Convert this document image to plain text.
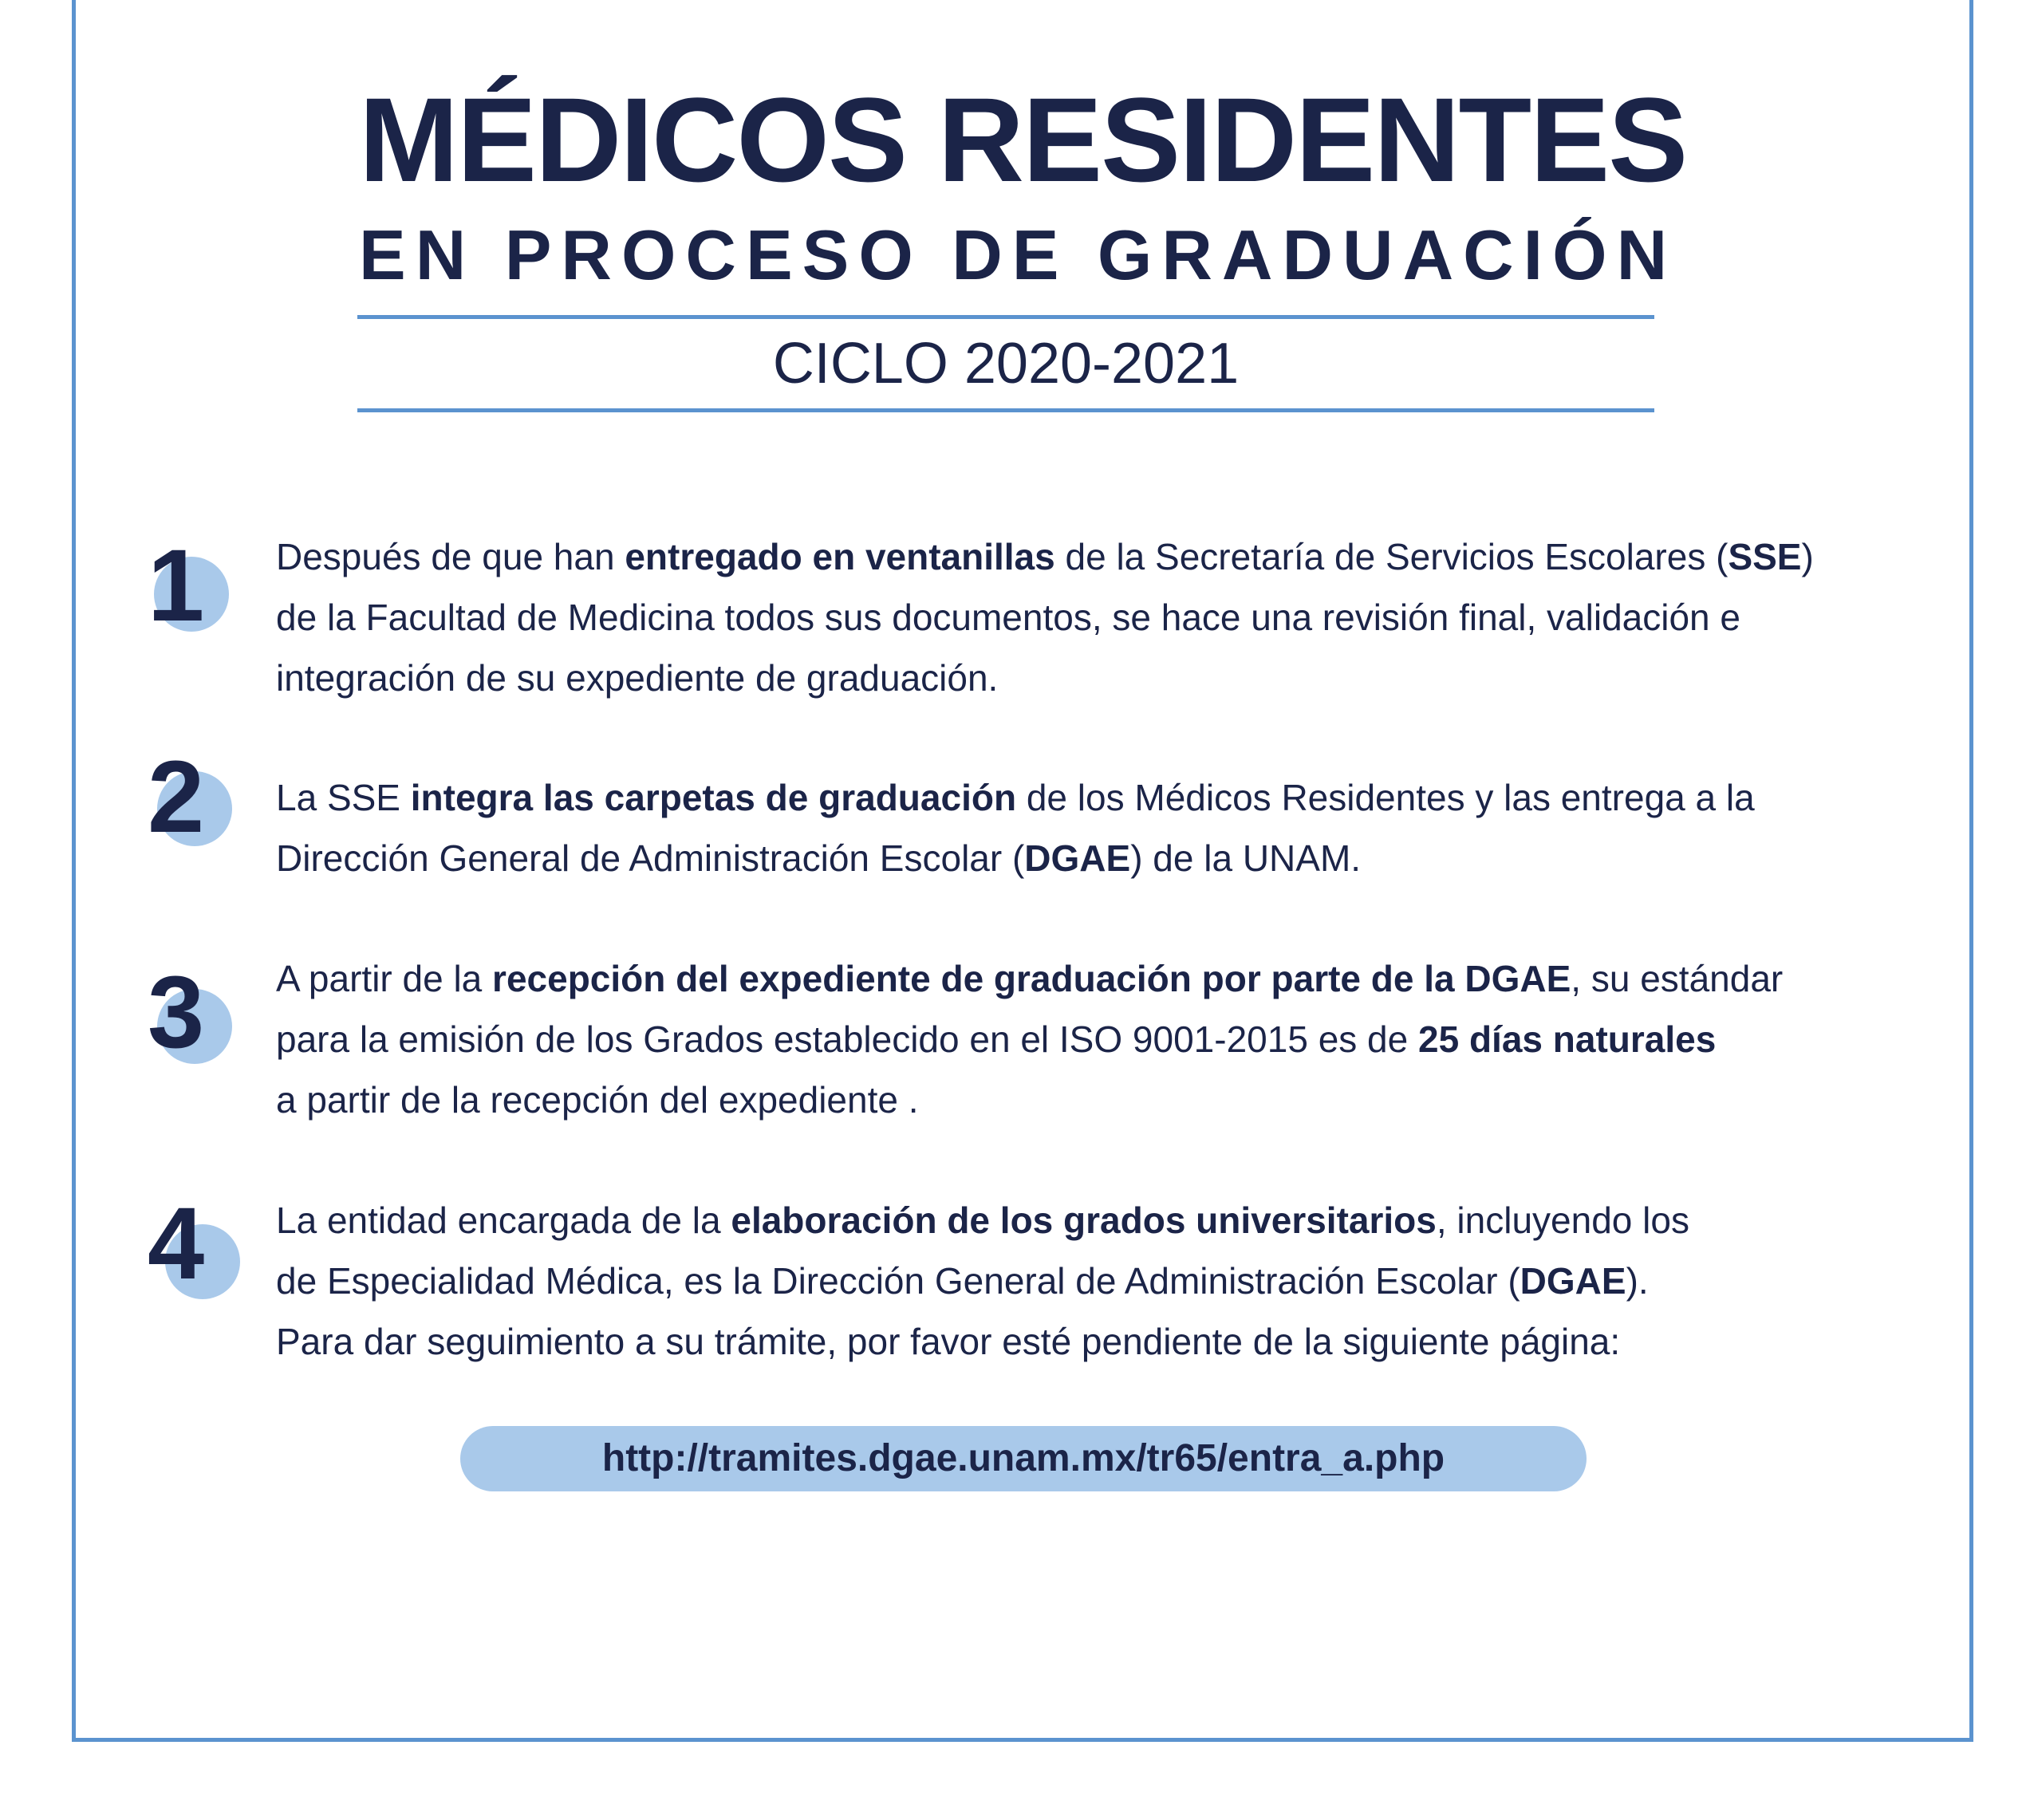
MÉDICOS RESIDENTES
EN PROCESO DE GRADUACIÓN
CICLO 2020-2021
1 Después de que han entregado en ventanillas de la Secretaría de Servicios Escolares (SSE)

de la Facultad de Medicina todos sus documentos, se hace una revisión final, validación e

integración de su expediente de graduación.

2 La SSE integra las carpetas de graduación de los Médicos Residentes y las entrega a la

Dirección General de Administración Escolar (DGAE) de la UNAM.

3 A partir de la recepción del expediente de graduación por parte de la DGAE, su estándar

para la emisión de los Grados establecido en el ISO 9001-2015 es de 25 días naturales

a partir de la recepción del expediente .

4 La entidad encargada de la elaboración de los grados universitarios, incluyendo los

de Especialidad Médica, es la Dirección General de Administración Escolar (DGAE).

Para dar seguimiento a su trámite, por favor esté pendiente de la siguiente página:

http://tramites.dgae.unam.mx/tr65/entra_a.php
